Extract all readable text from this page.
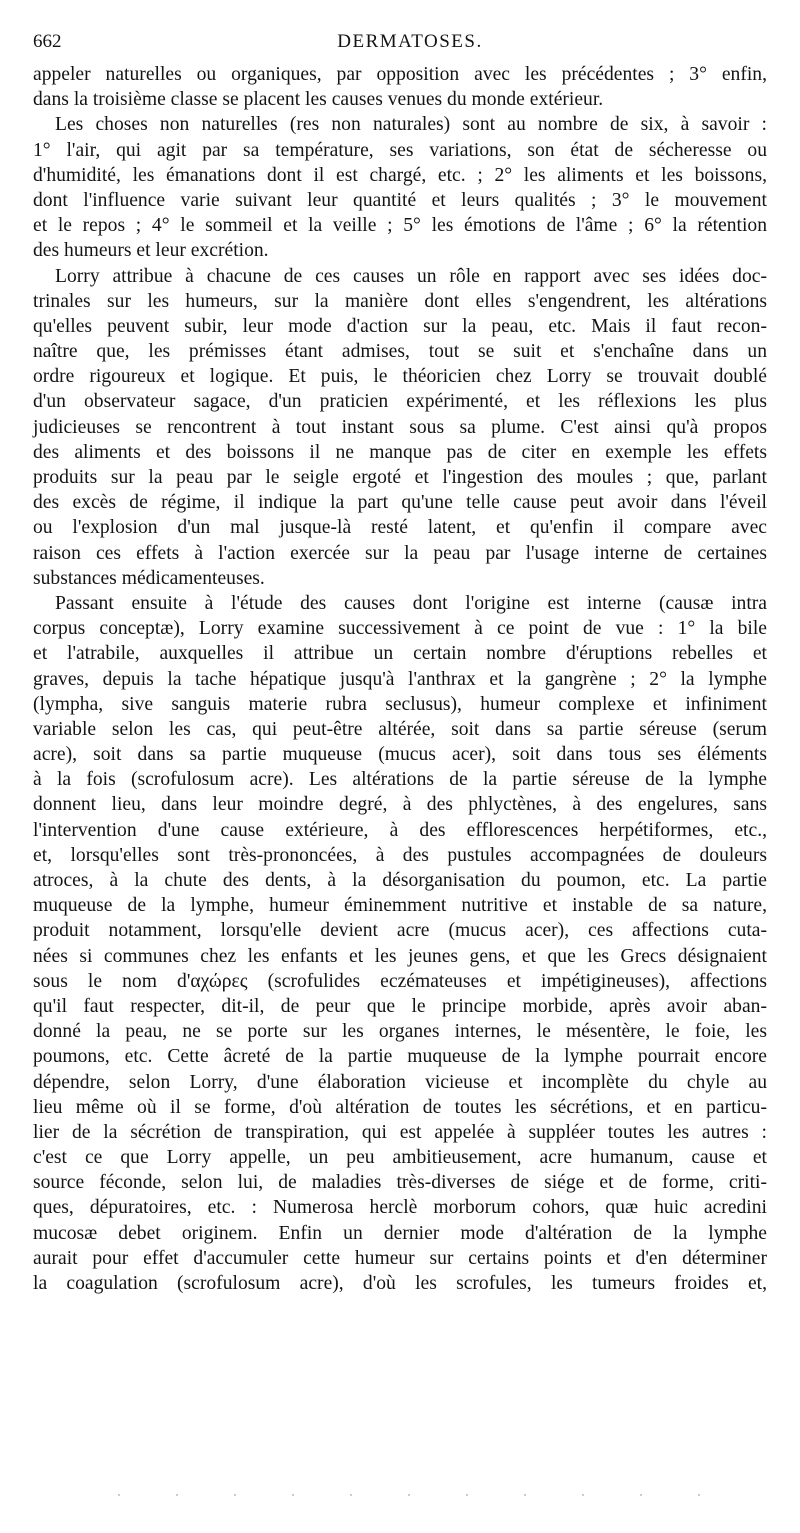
662	DERMATOSES.
appeler naturelles ou organiques, par opposition avec les précédentes ; 3° enfin,
dans la troisième classe se placent les causes venues du monde extérieur.
Les choses non naturelles (res non naturales) sont au nombre de six, à savoir :
1° l'air, qui agit par sa température, ses variations, son état de sécheresse ou
d'humidité, les émanations dont il est chargé, etc. ; 2° les aliments et les boissons,
dont l'influence varie suivant leur quantité et leurs qualités ; 3° le mouvement
et le repos ; 4° le sommeil et la veille ; 5° les émotions de l'âme ; 6° la rétention
des humeurs et leur excrétion.
Lorry attribue à chacune de ces causes un rôle en rapport avec ses idées doc-
trinales sur les humeurs, sur la manière dont elles s'engendrent, les altérations
qu'elles peuvent subir, leur mode d'action sur la peau, etc. Mais il faut recon-
naître que, les prémisses étant admises, tout se suit et s'enchaîne dans un
ordre rigoureux et logique. Et puis, le théoricien chez Lorry se trouvait doublé
d'un observateur sagace, d'un praticien expérimenté, et les réflexions les plus
judicieuses se rencontrent à tout instant sous sa plume. C'est ainsi qu'à propos
des aliments et des boissons il ne manque pas de citer en exemple les effets
produits sur la peau par le seigle ergoté et l'ingestion des moules ; que, parlant
des excès de régime, il indique la part qu'une telle cause peut avoir dans l'éveil
ou l'explosion d'un mal jusque-là resté latent, et qu'enfin il compare avec
raison ces effets à l'action exercée sur la peau par l'usage interne de certaines
substances médicamenteuses.
Passant ensuite à l'étude des causes dont l'origine est interne (causæ intra
corpus conceptæ), Lorry examine successivement à ce point de vue : 1° la bile
et l'atrabile, auxquelles il attribue un certain nombre d'éruptions rebelles et
graves, depuis la tache hépatique jusqu'à l'anthrax et la gangrène ; 2° la lymphe
(lympha, sive sanguis materie rubra seclusus), humeur complexe et infiniment
variable selon les cas, qui peut-être altérée, soit dans sa partie séreuse (serum
acre), soit dans sa partie muqueuse (mucus acer), soit dans tous ses éléments
à la fois (scrofulosum acre). Les altérations de la partie séreuse de la lymphe
donnent lieu, dans leur moindre degré, à des phlyctènes, à des engelures, sans
l'intervention d'une cause extérieure, à des efflorescences herpétiformes, etc.,
et, lorsqu'elles sont très-prononcées, à des pustules accompagnées de douleurs
atroces, à la chute des dents, à la désorganisation du poumon, etc. La partie
muqueuse de la lymphe, humeur éminemment nutritive et instable de sa nature,
produit notamment, lorsqu'elle devient acre (mucus acer), ces affections cuta-
nées si communes chez les enfants et les jeunes gens, et que les Grecs désignaient
sous le nom d'αχώρες (scrofulides eczémateuses et impétigineuses), affections
qu'il faut respecter, dit-il, de peur que le principe morbide, après avoir aban-
donné la peau, ne se porte sur les organes internes, le mésentère, le foie, les
poumons, etc. Cette âcreté de la partie muqueuse de la lymphe pourrait encore
dépendre, selon Lorry, d'une élaboration vicieuse et incomplète du chyle au
lieu même où il se forme, d'où altération de toutes les sécrétions, et en particu-
lier de la sécrétion de transpiration, qui est appelée à suppléer toutes les autres :
c'est ce que Lorry appelle, un peu ambitieusement, acre humanum, cause et
source féconde, selon lui, de maladies très-diverses de siége et de forme, criti-
ques, dépuratoires, etc. : Numerosa herclè morborum cohors, quæ huic acredini
mucosæ debet originem. Enfin un dernier mode d'altération de la lymphe
aurait pour effet d'accumuler cette humeur sur certains points et d'en déterminer
la coagulation (scrofulosum acre), d'où les scrofules, les tumeurs froides et,
